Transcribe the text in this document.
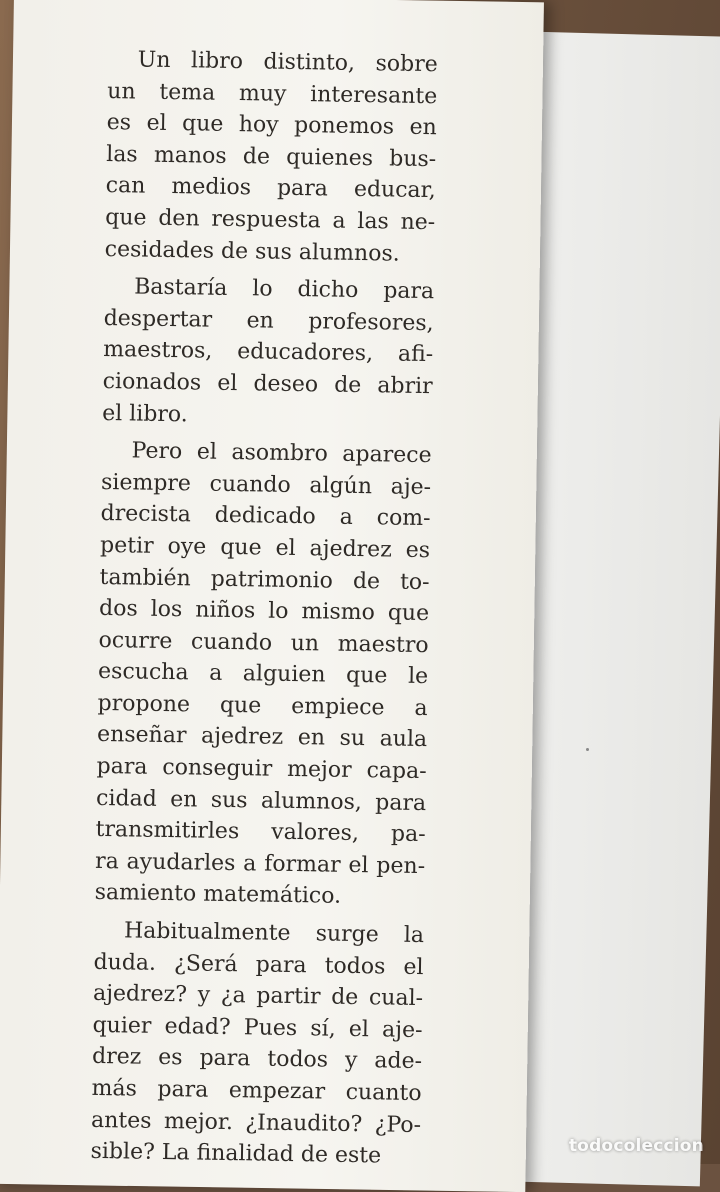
Un libro distinto, sobre
un tema muy interesante
es el que hoy ponemos en
las manos de quienes bus-
can medios para educar,
que den respuesta a las ne-
cesidades de sus alumnos.

Bastaría lo dicho para
despertar en profesores,
maestros, educadores, afi-
cionados el deseo de abrir
el libro.

Pero el asombro aparece
siempre cuando algún aje-
drecista dedicado a com-
petir oye que el ajedrez es
también patrimonio de to-
dos los niños lo mismo que
ocurre cuando un maestro
escucha a alguien que le
propone que empiece a
enseñar ajedrez en su aula
para conseguir mejor capa-
cidad en sus alumnos, para
transmitirles valores, pa-
ra ayudarles a formar el pen-
samiento matemático.

Habitualmente surge la
duda. ¿Será para todos el
ajedrez? y ¿a partir de cual-
quier edad? Pues sí, el aje-
drez es para todos y ade-
más para empezar cuanto
antes mejor. ¿Inaudito? ¿Po-
sible? La finalidad de este	todocoleccion
